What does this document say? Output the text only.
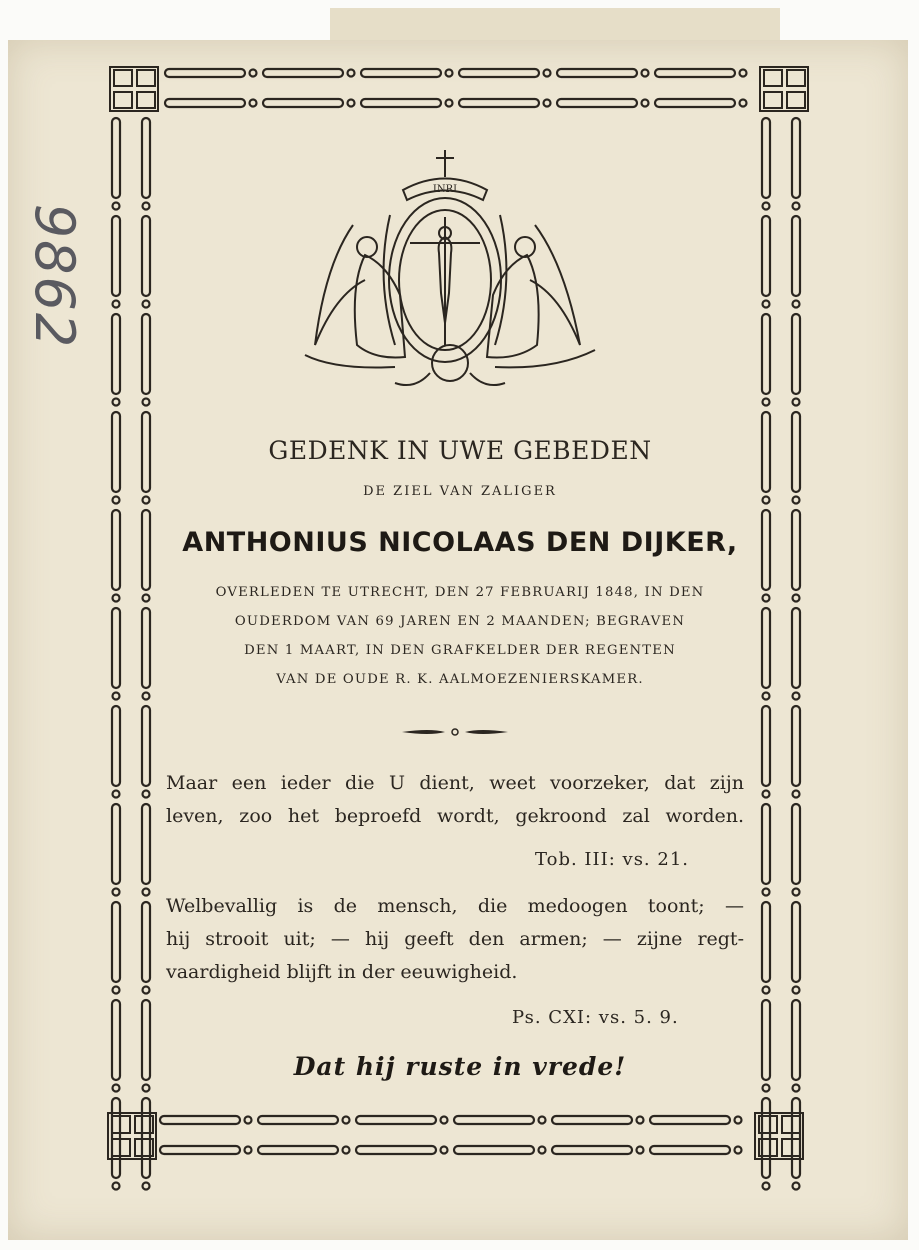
9862
INRI
GEDENK IN UWE GEBEDEN
DE ZIEL VAN ZALIGER
ANTHONIUS NICOLAAS DEN DIJKER,
OVERLEDEN TE UTRECHT, DEN 27 FEBRUARIJ 1848, IN DEN
OUDERDOM VAN 69 JAREN EN 2 MAANDEN; BEGRAVEN
DEN 1 MAART, IN DEN GRAFKELDER DER REGENTEN
VAN DE OUDE R. K. AALMOEZENIERSKAMER.
Maar een ieder die U dient, weet voorzeker, dat zijn
leven, zoo het beproefd wordt, gekroond zal worden.
Tob. III: vs. 21.
Welbevallig is de mensch, die medoogen toont; —
hij strooit uit; — hij geeft den armen; — zijne regt-
vaardigheid blijft in der eeuwigheid.
Ps. CXI: vs. 5. 9.
Dat hij ruste in vrede!
